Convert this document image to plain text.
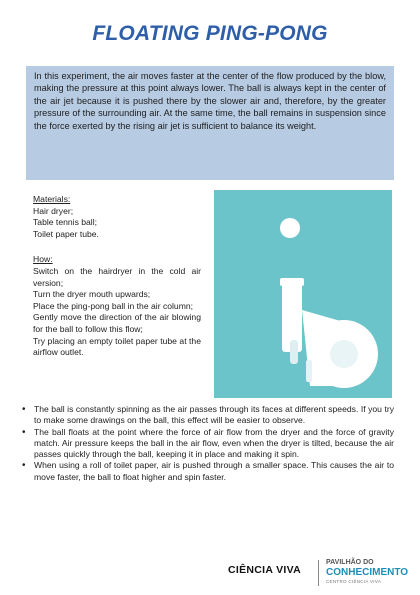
FLOATING PING-PONG
In this experiment, the air moves faster at the center of the flow produced by the blow, making the pressure at this point always lower. The ball is always kept in the center of the air jet because it is pushed there by the slower air and, therefore, by the greater pressure of the surrounding air. At the same time, the ball remains in suspension since the force exerted by the rising air jet is sufficient to balance its weight.
Materials:
Hair dryer;
Table tennis ball;
Toilet paper tube.
How:
Switch on the hairdryer in the cold air version;
Turn the dryer mouth upwards;
Place the ping-pong ball in the air column;
Gently move the direction of the air blowing for the ball to follow this flow;
Try placing an empty toilet paper tube at the airflow outlet.
• The ball is constantly spinning as the air passes through its faces at different speeds. If you try to make some drawings on the ball, this effect will be easier to observe.
• The ball floats at the point where the force of air flow from the dryer and the force of gravity match. Air pressure keeps the ball in the air flow, even when the dryer is tilted, because the air passes quickly through the ball, keeping it in place and making it spin.
• When using a roll of toilet paper, air is pushed through a smaller space. This causes the air to move faster, the ball to float higher and spin faster.
CIÊNCIA VIVA
PAVILHÃO DO
CONHECIMENTO
CENTRO CIÊNCIA VIVA
